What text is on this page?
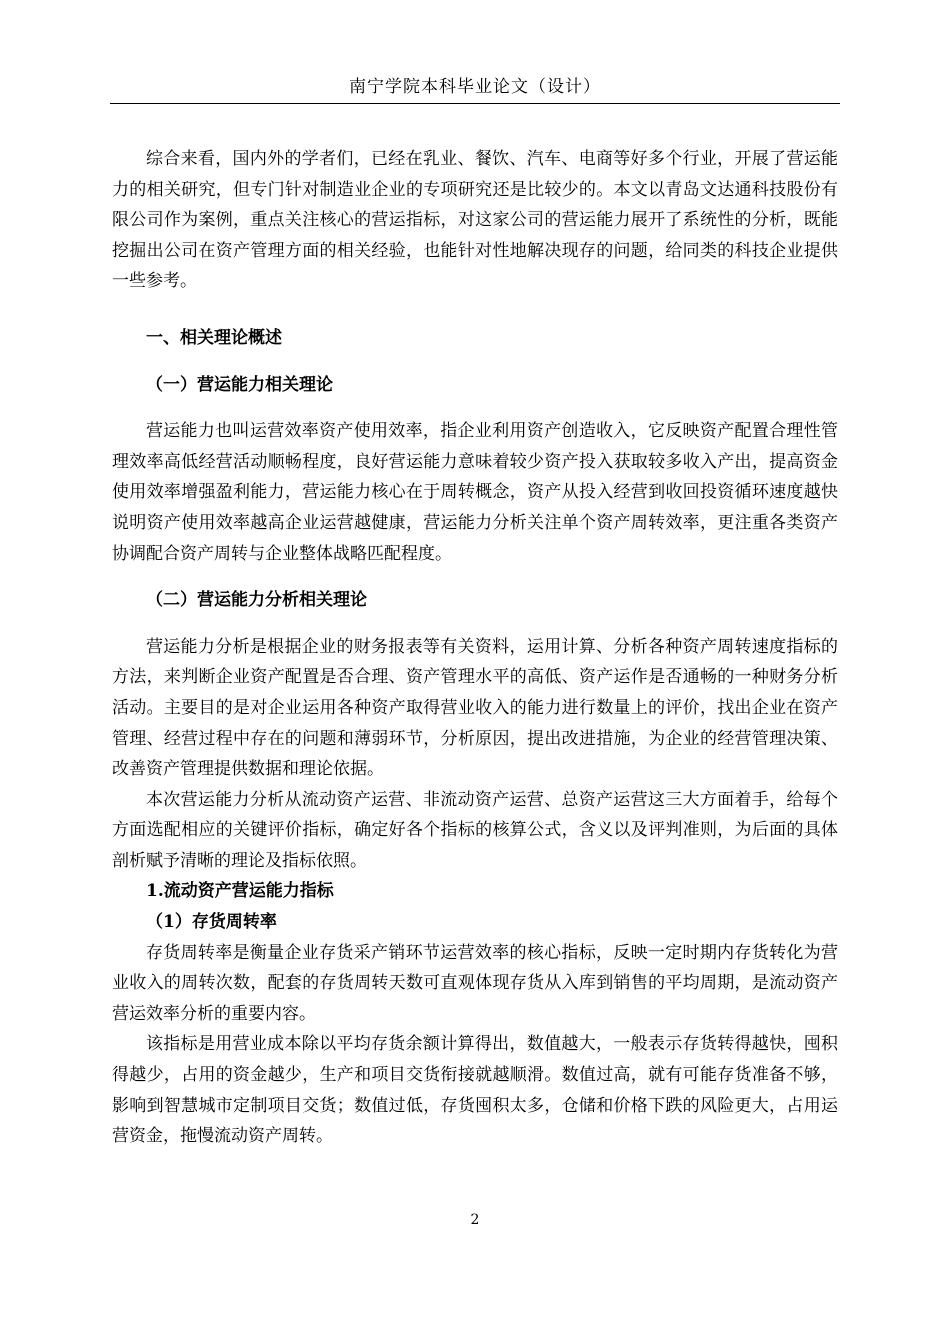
南宁学院本科毕业论文（设计）

综合来看，国内外的学者们，已经在乳业、餐饮、汽车、电商等好多个行业，开展了营运能力的相关研究，但专门针对制造业企业的专项研究还是比较少的。本文以青岛文达通科技股份有限公司作为案例，重点关注核心的营运指标，对这家公司的营运能力展开了系统性的分析，既能挖掘出公司在资产管理方面的相关经验，也能针对性地解决现存的问题，给同类的科技企业提供一些参考。

一、相关理论概述

（一）营运能力相关理论

营运能力也叫运营效率资产使用效率，指企业利用资产创造收入，它反映资产配置合理性管理效率高低经营活动顺畅程度，良好营运能力意味着较少资产投入获取较多收入产出，提高资金使用效率增强盈利能力，营运能力核心在于周转概念，资产从投入经营到收回投资循环速度越快说明资产使用效率越高企业运营越健康，营运能力分析关注单个资产周转效率，更注重各类资产协调配合资产周转与企业整体战略匹配程度。

（二）营运能力分析相关理论

营运能力分析是根据企业的财务报表等有关资料，运用计算、分析各种资产周转速度指标的方法，来判断企业资产配置是否合理、资产管理水平的高低、资产运作是否通畅的一种财务分析活动。主要目的是对企业运用各种资产取得营业收入的能力进行数量上的评价，找出企业在资产管理、经营过程中存在的问题和薄弱环节，分析原因，提出改进措施，为企业的经营管理决策、改善资产管理提供数据和理论依据。

本次营运能力分析从流动资产运营、非流动资产运营、总资产运营这三大方面着手，给每个方面选配相应的关键评价指标，确定好各个指标的核算公式，含义以及评判准则，为后面的具体剖析赋予清晰的理论及指标依照。

1.流动资产营运能力指标

（1）存货周转率

存货周转率是衡量企业存货采产销环节运营效率的核心指标，反映一定时期内存货转化为营业收入的周转次数，配套的存货周转天数可直观体现存货从入库到销售的平均周期，是流动资产营运效率分析的重要内容。

该指标是用营业成本除以平均存货余额计算得出，数值越大，一般表示存货转得越快，囤积得越少，占用的资金越少，生产和项目交货衔接就越顺滑。数值过高，就有可能存货准备不够，影响到智慧城市定制项目交货；数值过低，存货囤积太多，仓储和价格下跌的风险更大，占用运营资金，拖慢流动资产周转。

2
